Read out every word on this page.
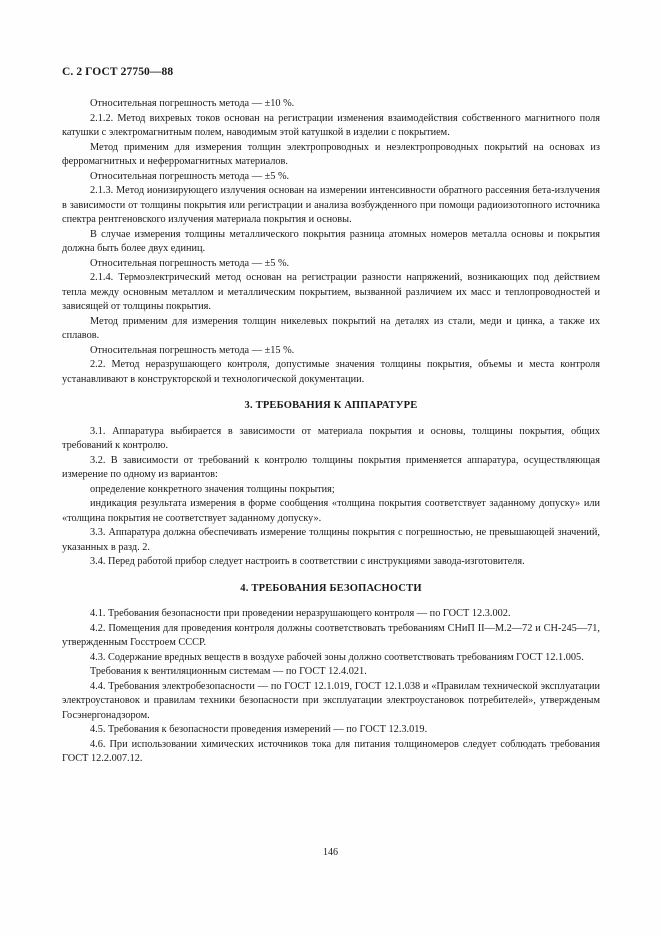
С. 2 ГОСТ 27750—88

Относительная погрешность метода — ±10 %.

2.1.2. Метод вихревых токов основан на регистрации изменения взаимодействия собственного магнитного поля катушки с электромагнитным полем, наводимым этой катушкой в изделии с покрытием.

Метод применим для измерения толщин электропроводных и неэлектропроводных покрытий на основах из ферромагнитных и неферромагнитных материалов.

Относительная погрешность метода — ±5 %.

2.1.3. Метод ионизирующего излучения основан на измерении интенсивности обратного рассеяния бета-излучения в зависимости от толщины покрытия или регистрации и анализа возбужденного при помощи радиоизотопного источника спектра рентгеновского излучения материала покрытия и основы.

В случае измерения толщины металлического покрытия разница атомных номеров металла основы и покрытия должна быть более двух единиц.

Относительная погрешность метода — ±5 %.

2.1.4. Термоэлектрический метод основан на регистрации разности напряжений, возникающих под действием тепла между основным металлом и металлическим покрытием, вызванной различием их масс и теплопроводностей и зависящей от толщины покрытия.

Метод применим для измерения толщин никелевых покрытий на деталях из стали, меди и цинка, а также их сплавов.

Относительная погрешность метода — ±15 %.

2.2. Метод неразрушающего контроля, допустимые значения толщины покрытия, объемы и места контроля устанавливают в конструкторской и технологической документации.

3. ТРЕБОВАНИЯ К АППАРАТУРЕ

3.1. Аппаратура выбирается в зависимости от материала покрытия и основы, толщины покрытия, общих требований к контролю.

3.2. В зависимости от требований к контролю толщины покрытия применяется аппаратура, осуществляющая измерение по одному из вариантов:

определение конкретного значения толщины покрытия;

индикация результата измерения в форме сообщения «толщина покрытия соответствует заданному допуску» или «толщина покрытия не соответствует заданному допуску».

3.3. Аппаратура должна обеспечивать измерение толщины покрытия с погрешностью, не превышающей значений, указанных в разд. 2.

3.4. Перед работой прибор следует настроить в соответствии с инструкциями завода-изготовителя.

4. ТРЕБОВАНИЯ БЕЗОПАСНОСТИ

4.1. Требования безопасности при проведении неразрушающего контроля — по ГОСТ 12.3.002.

4.2. Помещения для проведения контроля должны соответствовать требованиям СНиП II—М.2—72 и СН-245—71, утвержденным Госстроем СССР.

4.3. Содержание вредных веществ в воздухе рабочей зоны должно соответствовать требованиям ГОСТ 12.1.005.

Требования к вентиляционным системам — по ГОСТ 12.4.021.

4.4. Требования электробезопасности — по ГОСТ 12.1.019, ГОСТ 12.1.038 и «Правилам технической эксплуатации электроустановок и правилам техники безопасности при эксплуатации электроустановок потребителей», утвержденым Госэнергонадзором.

4.5. Требования к безопасности проведения измерений — по ГОСТ 12.3.019.

4.6. При использовании химических источников тока для питания толщиномеров следует соблюдать требования ГОСТ 12.2.007.12.

146
